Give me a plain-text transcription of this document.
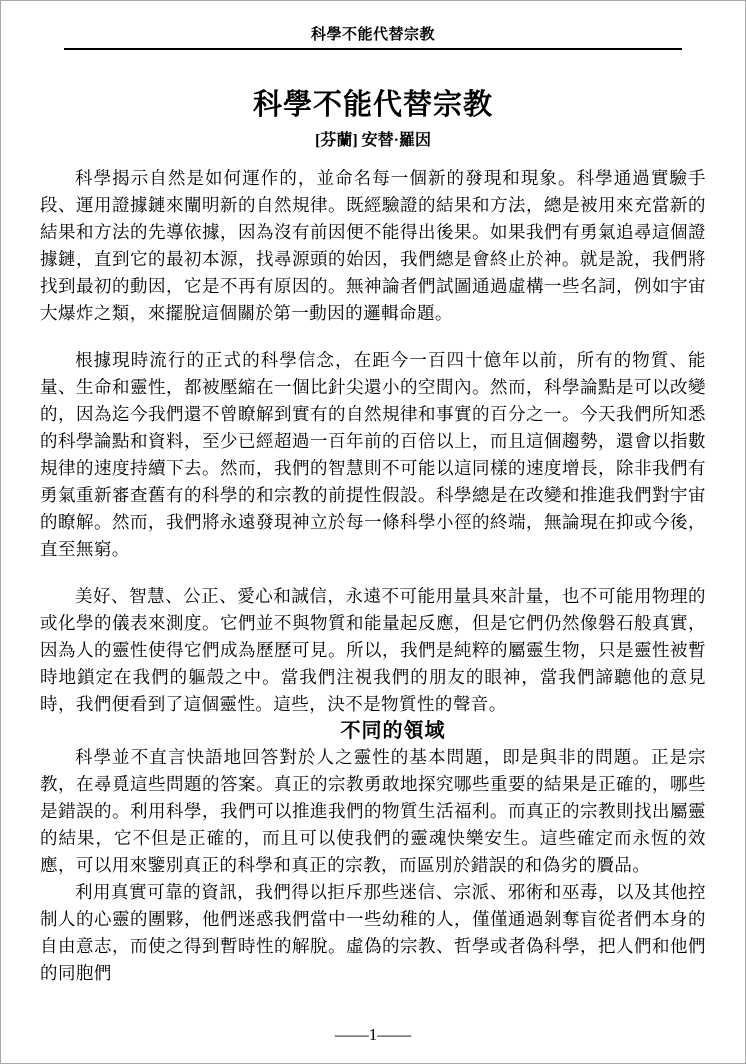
科學不能代替宗教
科學不能代替宗教
[芬蘭] 安替·羅因

科學揭示自然是如何運作的，並命名每一個新的發現和現象。科學通過實驗手段、運用證據鏈來闡明新的自然規律。既經驗證的結果和方法，總是被用來充當新的結果和方法的先導依據，因為沒有前因便不能得出後果。如果我們有勇氣追尋這個證據鏈，直到它的最初本源，找尋源頭的始因，我們總是會終止於神。就是說，我們將找到最初的動因，它是不再有原因的。無神論者們試圖通過虛構一些名詞，例如宇宙大爆炸之類，來擺脫這個關於第一動因的邏輯命題。

根據現時流行的正式的科學信念，在距今一百四十億年以前，所有的物質、能量、生命和靈性，都被壓縮在一個比針尖還小的空間內。然而，科學論點是可以改變的，因為迄今我們還不曾瞭解到實有的自然規律和事實的百分之一。今天我們所知悉的科學論點和資料，至少已經超過一百年前的百倍以上，而且這個趨勢，還會以指數規律的速度持續下去。然而，我們的智慧則不可能以這同樣的速度增長，除非我們有勇氣重新審查舊有的科學的和宗教的前提性假設。科學總是在改變和推進我們對宇宙的瞭解。然而，我們將永遠發現神立於每一條科學小徑的終端，無論現在抑或今後，直至無窮。

美好、智慧、公正、愛心和誠信，永遠不可能用量具來計量，也不可能用物理的或化學的儀表來測度。它們並不與物質和能量起反應，但是它們仍然像磐石般真實，因為人的靈性使得它們成為歷歷可見。所以，我們是純粹的屬靈生物，只是靈性被暫時地鎖定在我們的軀殼之中。當我們注視我們的朋友的眼神，當我們諦聽他的意見時，我們便看到了這個靈性。這些，決不是物質性的聲音。

不同的領域

科學並不直言快語地回答對於人之靈性的基本問題，即是與非的問題。正是宗教，在尋覓這些問題的答案。真正的宗教勇敢地探究哪些重要的結果是正確的，哪些是錯誤的。利用科學，我們可以推進我們的物質生活福利。而真正的宗教則找出屬靈的結果，它不但是正確的，而且可以使我們的靈魂快樂安生。這些確定而永恆的效應，可以用來鑒別真正的科學和真正的宗教，而區別於錯誤的和偽劣的贗品。

利用真實可靠的資訊，我們得以拒斥那些迷信、宗派、邪術和巫毒，以及其他控制人的心靈的團夥，他們迷惑我們當中一些幼稚的人，僅僅通過剝奪盲從者們本身的自由意志，而使之得到暫時性的解脫。虛偽的宗教、哲學或者偽科學，把人們和他們的同胞們

——1——
